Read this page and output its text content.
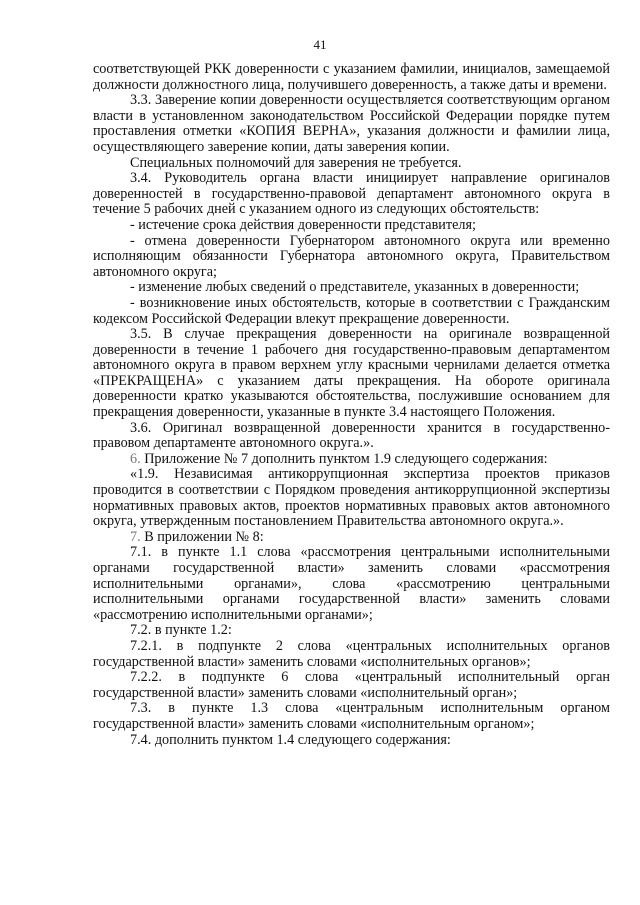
41

соответствующей РКК доверенности с указанием фамилии, инициалов, замещаемой должности должностного лица, получившего доверенность, а также даты и времени.

3.3. Заверение копии доверенности осуществляется соответствующим органом власти в установленном законодательством Российской Федерации порядке путем проставления отметки «КОПИЯ ВЕРНА», указания должности и фамилии лица, осуществляющего заверение копии, даты заверения копии.

Специальных полномочий для заверения не требуется.

3.4. Руководитель органа власти инициирует направление оригиналов доверенностей в государственно-правовой департамент автономного округа в течение 5 рабочих дней с указанием одного из следующих обстоятельств:

- истечение срока действия доверенности представителя;

- отмена доверенности Губернатором автономного округа или временно исполняющим обязанности Губернатора автономного округа, Правительством автономного округа;

- изменение любых сведений о представителе, указанных в доверенности;

- возникновение иных обстоятельств, которые в соответствии с Гражданским кодексом Российской Федерации влекут прекращение доверенности.

3.5. В случае прекращения доверенности на оригинале возвращенной доверенности в течение 1 рабочего дня государственно-правовым департаментом автономного округа в правом верхнем углу красными чернилами делается отметка «ПРЕКРАЩЕНА» с указанием даты прекращения. На обороте оригинала доверенности кратко указываются обстоятельства, послужившие основанием для прекращения доверенности, указанные в пункте 3.4 настоящего Положения.

3.6. Оригинал возвращенной доверенности хранится в государственно-правовом департаменте автономного округа.».

6. Приложение № 7 дополнить пунктом 1.9 следующего содержания:

«1.9. Независимая антикоррупционная экспертиза проектов приказов проводится в соответствии с Порядком проведения антикоррупционной экспертизы нормативных правовых актов, проектов нормативных правовых актов автономного округа, утвержденным постановлением Правительства автономного округа.».

7. В приложении № 8:

7.1. в пункте 1.1 слова «рассмотрения центральными исполнительными органами государственной власти» заменить словами «рассмотрения исполнительными органами», слова «рассмотрению центральными исполнительными органами государственной власти» заменить словами «рассмотрению исполнительными органами»;

7.2. в пункте 1.2:

7.2.1. в подпункте 2 слова «центральных исполнительных органов государственной власти» заменить словами «исполнительных органов»;

7.2.2. в подпункте 6 слова «центральный исполнительный орган государственной власти» заменить словами «исполнительный орган»;

7.3. в пункте 1.3 слова «центральным исполнительным органом государственной власти» заменить словами «исполнительным органом»;

7.4. дополнить пунктом 1.4 следующего содержания:
